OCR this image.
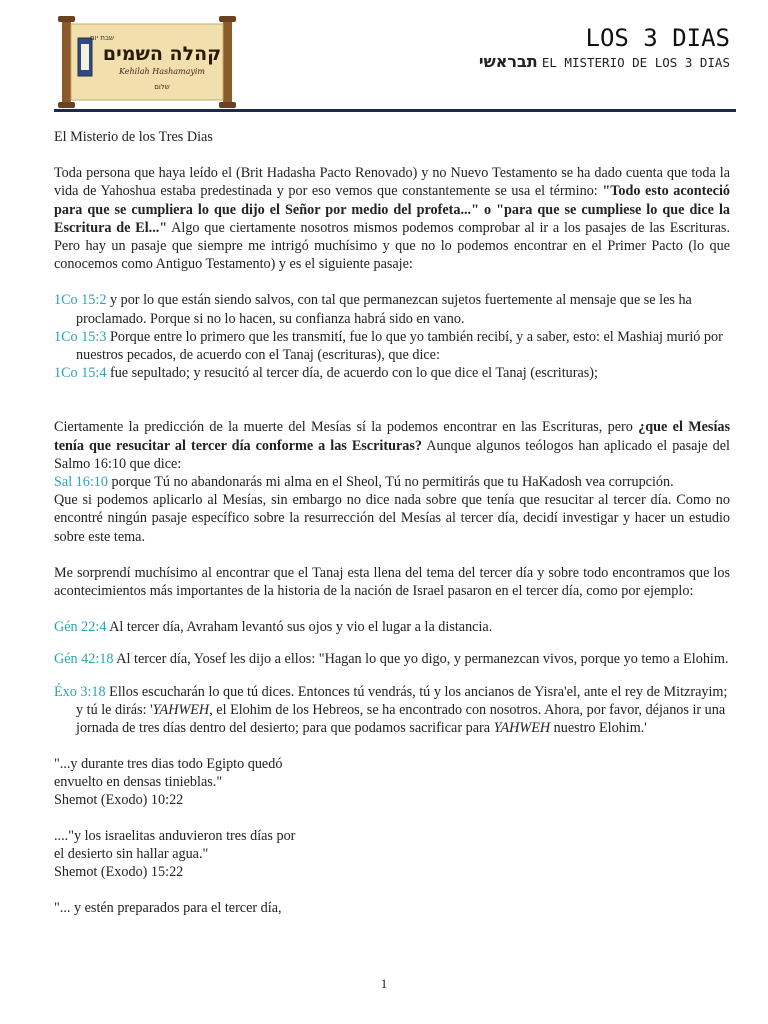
קהלה השמים
שבת יום
Kehilah Hashamayim
שלום
LOS 3 DIAS
תבראשי EL MISTERIO DE LOS 3 DIAS

El Misterio de los Tres Dias

Toda persona que haya leído el (Brit Hadasha Pacto Renovado) y no Nuevo Testamento se ha dado cuenta que toda la vida de Yahoshua estaba predestinada y por eso vemos que constantemente se usa el término: "Todo esto aconteció para que se cumpliera lo que dijo el Señor por medio del profeta..." o "para que se cumpliese lo que dice la Escritura de El..." Algo que ciertamente nosotros mismos podemos comprobar al ir a los pasajes de las Escrituras. Pero hay un pasaje que siempre me intrigó muchísimo y que no lo podemos encontrar en el Primer Pacto (lo que conocemos como Antiguo Testamento) y es el siguiente pasaje:

1Co 15:2 y por lo que están siendo salvos, con tal que permanezcan sujetos fuertemente al mensaje que se les ha proclamado. Porque si no lo hacen, su confianza habrá sido en vano.

1Co 15:3 Porque entre lo primero que les transmití, fue lo que yo también recibí, y a saber, esto: el Mashiaj murió por nuestros pecados, de acuerdo con el Tanaj (escrituras), que dice:

1Co 15:4 fue sepultado; y resucitó al tercer día, de acuerdo con lo que dice el Tanaj (escrituras);

Ciertamente la predicción de la muerte del Mesías sí la podemos encontrar en las Escrituras, pero ¿que el Mesías tenía que resucitar al tercer día conforme a las Escrituras? Aunque algunos teólogos han aplicado el pasaje del Salmo 16:10 que dice:

Sal 16:10 porque Tú no abandonarás mi alma en el Sheol, Tú no permitirás que tu HaKadosh vea corrupción.

Que si podemos aplicarlo al Mesías, sin embargo no dice nada sobre que tenía que resucitar al tercer día. Como no encontré ningún pasaje específico sobre la resurrección del Mesías al tercer día, decidí investigar y hacer un estudio sobre este tema.

Me sorprendí muchísimo al encontrar que el Tanaj esta llena del tema del tercer día y sobre todo encontramos que los acontecimientos más importantes de la historia de la nación de Israel pasaron en el tercer día, como por ejemplo:

Gén 22:4 Al tercer día, Avraham levantó sus ojos y vio el lugar a la distancia.

Gén 42:18 Al tercer día, Yosef les dijo a ellos: "Hagan lo que yo digo, y permanezcan vivos, porque yo temo a Elohim.

Éxo 3:18 Ellos escucharán lo que tú dices. Entonces tú vendrás, tú y los ancianos de Yisra'el, ante el rey de Mitzrayim; y tú le dirás: 'YAHWEH, el Elohim de los Hebreos, se ha encontrado con nosotros. Ahora, por favor, déjanos ir una jornada de tres días dentro del desierto; para que podamos sacrificar para YAHWEH nuestro Elohim.'

"...y durante tres dias todo Egipto quedó

envuelto en densas tinieblas."

Shemot (Exodo) 10:22

...."y los israelitas anduvieron tres días por

el desierto sin hallar agua."

Shemot (Exodo) 15:22

"... y estén preparados para el tercer día,

1
